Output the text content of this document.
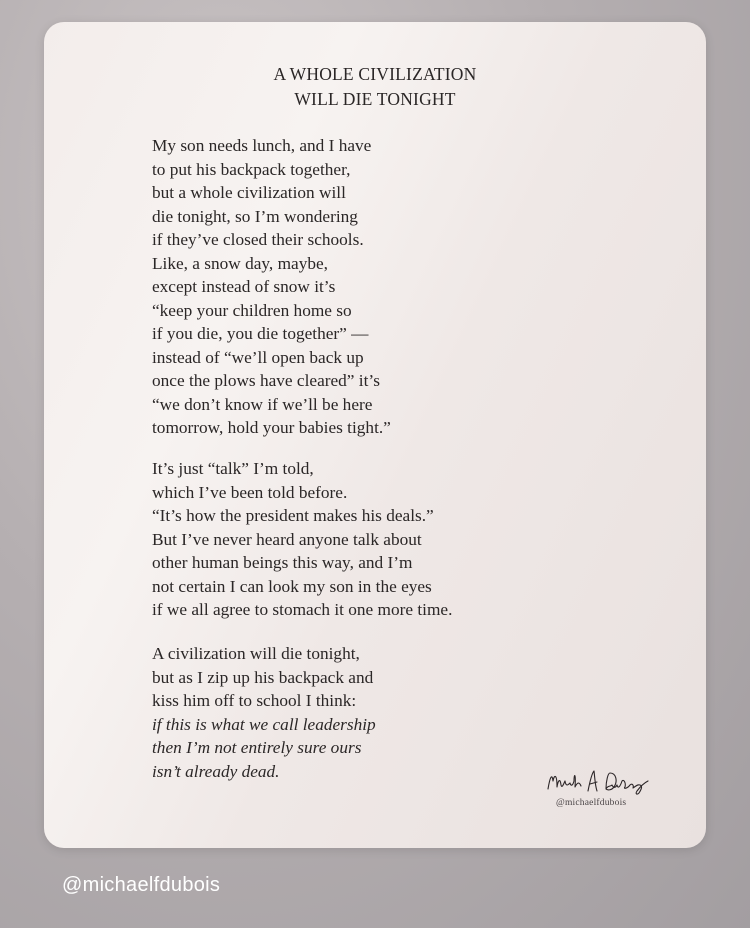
A WHOLE CIVILIZATION
WILL DIE TONIGHT
My son needs lunch, and I have
to put his backpack together,
but a whole civilization will
die tonight, so I’m wondering
if they’ve closed their schools.
Like, a snow day, maybe,
except instead of snow it’s
“keep your children home so
if you die, you die together” —
instead of “we’ll open back up
once the plows have cleared” it’s
“we don’t know if we’ll be here
tomorrow, hold your babies tight.”
It’s just “talk” I’m told,
which I’ve been told before.
“It’s how the president makes his deals.”
But I’ve never heard anyone talk about
other human beings this way, and I’m
not certain I can look my son in the eyes
if we all agree to stomach it one more time.
A civilization will die tonight,
but as I zip up his backpack and
kiss him off to school I think:
if this is what we call leadership
then I’m not entirely sure ours
isn’t already dead.
@michaelfdubois
@michaelfdubois
